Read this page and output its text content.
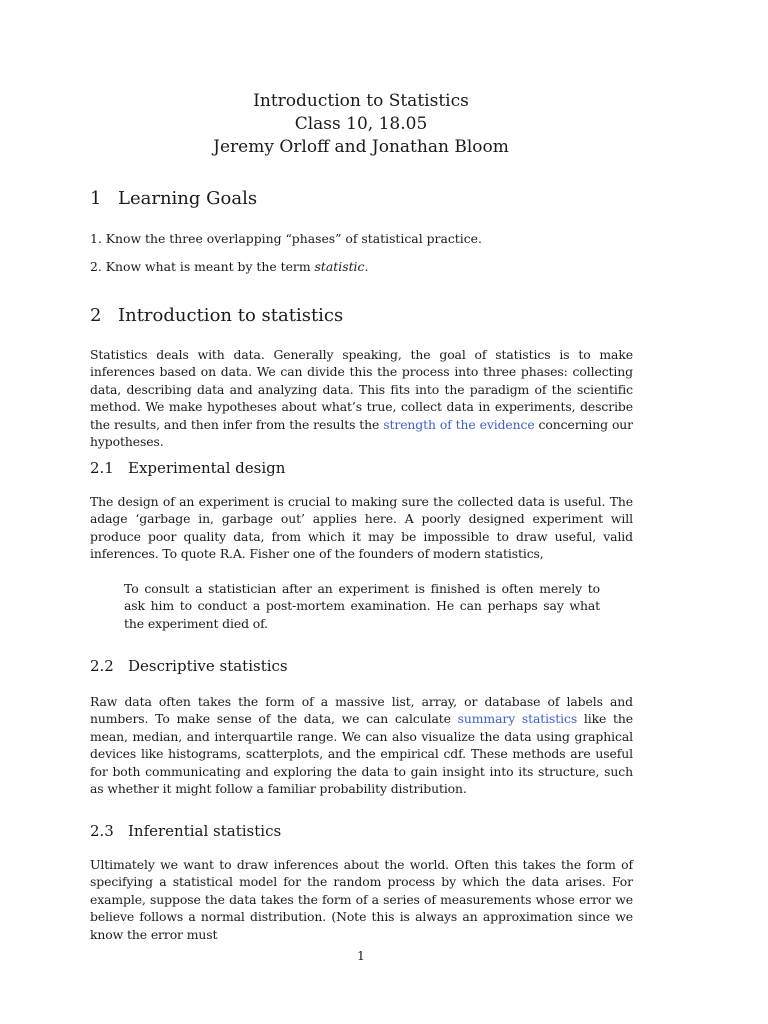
Introduction to Statistics
Class 10, 18.05
Jeremy Orloff and Jonathan Bloom
1 Learning Goals
1. Know the three overlapping “phases” of statistical practice.
2. Know what is meant by the term statistic.
2 Introduction to statistics

Statistics deals with data. Generally speaking, the goal of statistics is to make inferences based on data. We can divide this the process into three phases: collecting data, describing data and analyzing data. This fits into the paradigm of the scientific method. We make hypotheses about what’s true, collect data in experiments, describe the results, and then infer from the results the strength of the evidence concerning our hypotheses.

2.1 Experimental design

The design of an experiment is crucial to making sure the collected data is useful. The adage ‘garbage in, garbage out’ applies here. A poorly designed experiment will produce poor quality data, from which it may be impossible to draw useful, valid inferences. To quote R.A. Fisher one of the founders of modern statistics,

To consult a statistician after an experiment is finished is often merely to ask him to conduct a post-mortem examination. He can perhaps say what the experiment died of.

2.2 Descriptive statistics

Raw data often takes the form of a massive list, array, or database of labels and numbers. To make sense of the data, we can calculate summary statistics like the mean, median, and interquartile range. We can also visualize the data using graphical devices like histograms, scatterplots, and the empirical cdf. These methods are useful for both communicating and exploring the data to gain insight into its structure, such as whether it might follow a familiar probability distribution.

2.3 Inferential statistics

Ultimately we want to draw inferences about the world. Often this takes the form of specifying a statistical model for the random process by which the data arises. For example, suppose the data takes the form of a series of measurements whose error we believe follows a normal distribution. (Note this is always an approximation since we know the error must

1
